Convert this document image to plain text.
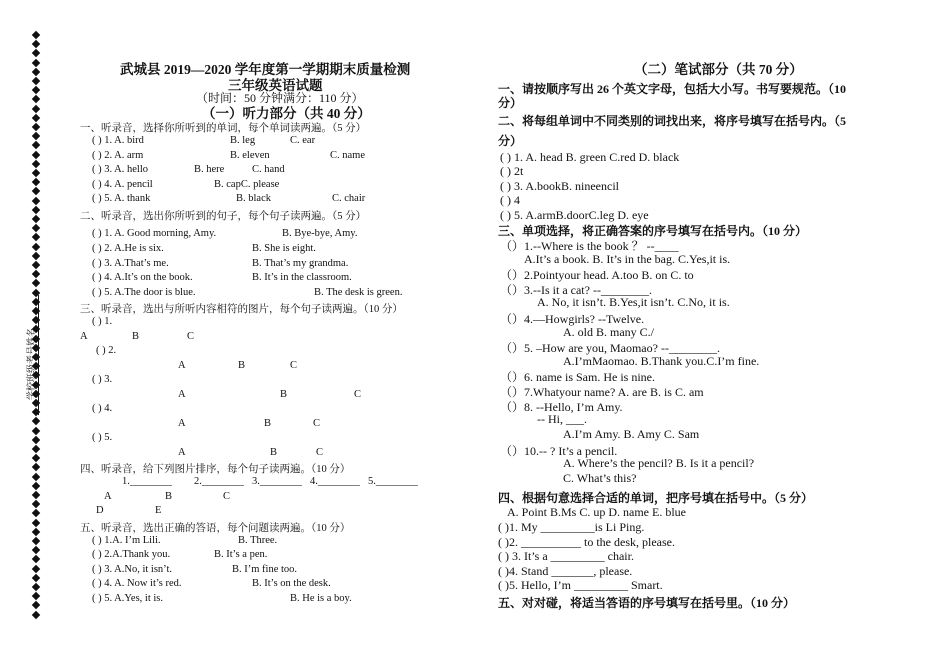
学校班级考号姓名
武城县 2019—2020 学年度第一学期期末质量检测
三年级英语试题
（时间：50 分钟满分：110 分）
（一）听力部分（共 40 分）
一、听录音，选择你所听到的单词，每个单词读两遍。（5 分）
( ) 1. A. bird	B. leg	C. ear
( ) 2. A. arm	B. eleven	C. name
( ) 3. A. hello	B. here	C. hand
( ) 4. A. pencil	B. capC. please
( ) 5. A. thank	B. black	C. chair
二、听录音，选出你所听到的句子，每个句子读两遍。（5 分）
( ) 1. A. Good morning, Amy.	B. Bye-bye, Amy.
( ) 2. A.He is six.	B. She is eight.
( ) 3. A.That’s me.	B. That’s my grandma.
( ) 4. A.It’s on the book.	B. It’s in the classroom.
( ) 5. A.The door is blue.	B. The desk is green.
三、听录音，选出与所听内容相符的图片，每个句子读两遍。（10 分）
( ) 1.
A	B	C
( ) 2.
A	B	C
( ) 3.
A	B	C
( ) 4.
A	B	C
( ) 5.
A	B	C
四、听录音，给下列图片排序，每个句子读两遍。（10 分）
1.________ 2.________ 3.________ 4.________ 5.________
A	B	C
D	E
五、听录音，选出正确的答语，每个问题读两遍。（10 分）
( ) 1.A. I’m Lili.	B. Three.
( ) 2.A.Thank you.	B. It’s a pen.
( ) 3. A.No, it isn’t.	B. I’m fine too.
( ) 4. A. Now it’s red.	B. It’s on the desk.
( ) 5. A.Yes, it is.	B. He is a boy.
（二）笔试部分（共 70 分）
一、请按顺序写出 26 个英文字母，包括大小写。书写要规范。（10
分）
二、将每组单词中不同类别的词找出来，将序号填写在括号内。（5
分）
( ) 1. A. head B. green C.red D. black
( ) 2t
( ) 3. A.bookB. nineencil
( ) 4
( ) 5. A.armB.doorC.leg D. eye
三、单项选择，将正确答案的序号填写在括号内。（10 分）
（）1.--Where is the book ？ --____
A.It’s a book. B. It’s in the bag. C.Yes,it is.
（）2.Pointyour head. A.too B. on C. to
（）3.--Is it a cat? --________.
A. No, it isn’t. B.Yes,it isn’t. C.No, it is.
（）4.—Howgirls? --Twelve.
A. old B. many C./
（）5. –How are you, Maomao? --________.
A.I’mMaomao. B.Thank you.C.I’m fine.
（）6. name is Sam. He is nine.
（）7.Whatyour name? A. are B. is C. am
（）8. --Hello, I’m Amy.
-- Hi, ___.
A.I’m Amy. B. Amy C. Sam
（）10.-- ? It’s a pencil.
A. Where’s the pencil? B. Is it a pencil?
C. What’s this?
四、根据句意选择合适的单词，把序号填在括号中。（5 分）
A. Point B.Ms C. up D. name E. blue
( )1. My _________is Li Ping.
( )2. __________ to the desk, please.
( ) 3. It’s a _________ chair.
( )4. Stand _______, please.
( )5. Hello, I’m _________ Smart.
五、对对碰，将适当答语的序号填写在括号里。（10 分）
